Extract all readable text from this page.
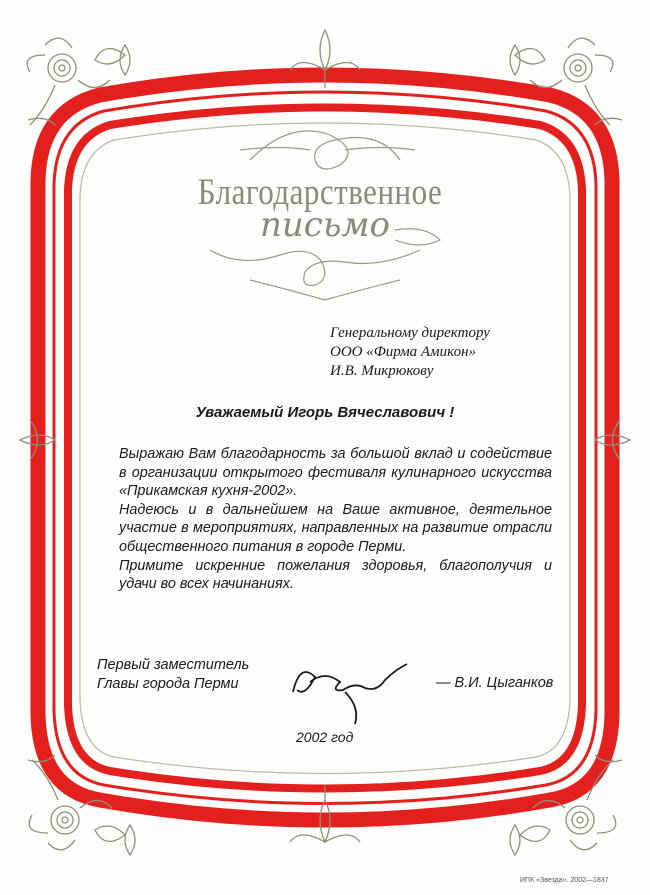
Благодарственное
письмо
Генеральному директору
ООО «Фирма Амикон»
И.В. Микрюкову
Уважаемый Игорь Вячеславович !

Выражаю Вам благодарность за большой вклад и содействие в организации открытого фестиваля кулинарного искусства «Прикамская кухня-2002».

Надеюсь и в дальнейшем на Ваше активное, деятельное участие в мероприятиях, направленных на развитие отрасли общественного питания в городе Перми.

Примите искренние пожелания здоровья, благополучия и удачи во всех начинаниях.

Первый заместитель
Главы города Перми	— В.И. Цыганков
2002 год
ИПК «Звезда». 2002—1837
